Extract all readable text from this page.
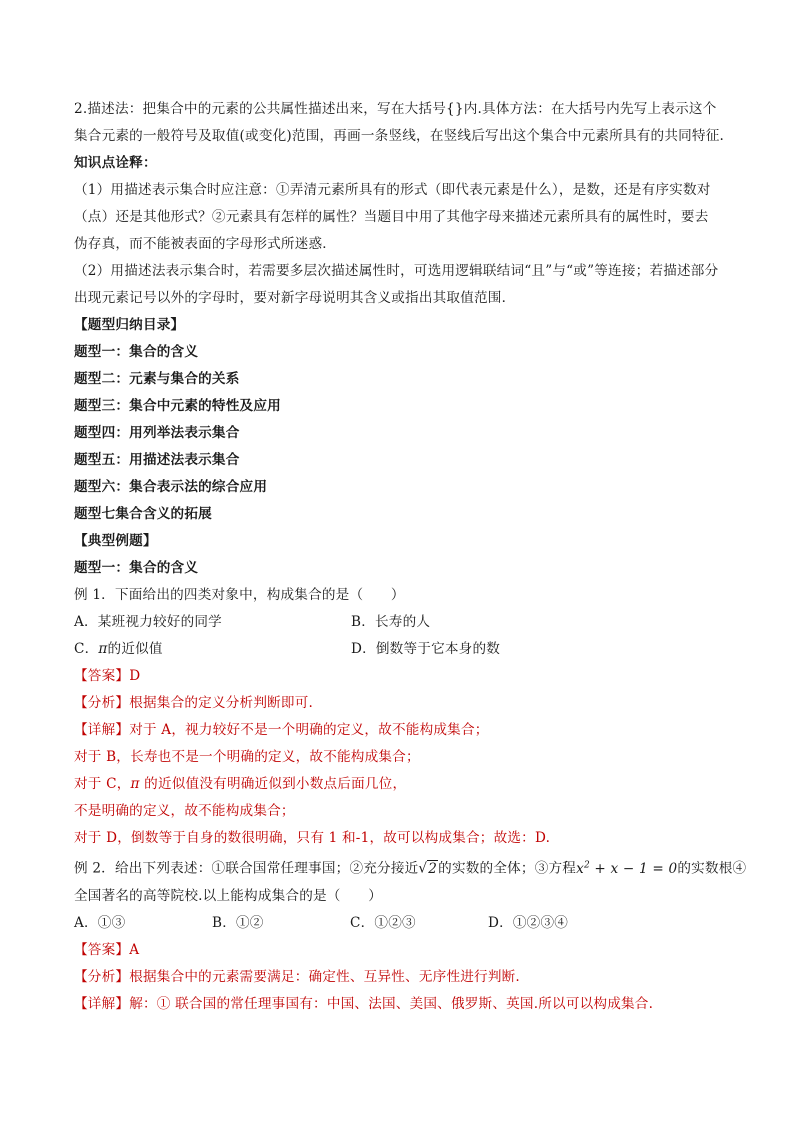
2.描述法：把集合中的元素的公共属性描述出来，写在大括号{}内.具体方法：在大括号内先写上表示这个
集合元素的一般符号及取值(或变化)范围，再画一条竖线，在竖线后写出这个集合中元素所具有的共同特征.
知识点诠释：
（1）用描述表示集合时应注意：①弄清元素所具有的形式（即代表元素是什么），是数，还是有序实数对
（点）还是其他形式？②元素具有怎样的属性？当题目中用了其他字母来描述元素所具有的属性时，要去
伪存真，而不能被表面的字母形式所迷惑．
（2）用描述法表示集合时，若需要多层次描述属性时，可选用逻辑联结词“且”与“或”等连接；若描述部分
出现元素记号以外的字母时，要对新字母说明其含义或指出其取值范围．
【题型归纳目录】
题型一：集合的含义
题型二：元素与集合的关系
题型三：集合中元素的特性及应用
题型四：用列举法表示集合
题型五：用描述法表示集合
题型六：集合表示法的综合应用
题型七集合含义的拓展
【典型例题】
题型一：集合的含义
例 1．下面给出的四类对象中，构成集合的是（　　）
A．某班视力较好的同学	B．长寿的人
C．π的近似值	D．倒数等于它本身的数
【答案】D
【分析】根据集合的定义分析判断即可.
【详解】对于 A，视力较好不是一个明确的定义，故不能构成集合；
对于 B，长寿也不是一个明确的定义，故不能构成集合；
对于 C，π 的近似值没有明确近似到小数点后面几位，
不是明确的定义，故不能构成集合；
对于 D，倒数等于自身的数很明确，只有 1 和-1，故可以构成集合；故选：D.
例 2．给出下列表述：①联合国常任理事国；②充分接近√2的实数的全体；③方程$x^2 + x - 1 = 0$的实数根④
全国著名的高等院校.以上能构成集合的是（　　）
A．①③	B．①②	C．①②③	D．①②③④
【答案】A
【分析】根据集合中的元素需要满足：确定性、互异性、无序性进行判断.
【详解】解：① 联合国的常任理事国有：中国、法国、美国、俄罗斯、英国.所以可以构成集合.
